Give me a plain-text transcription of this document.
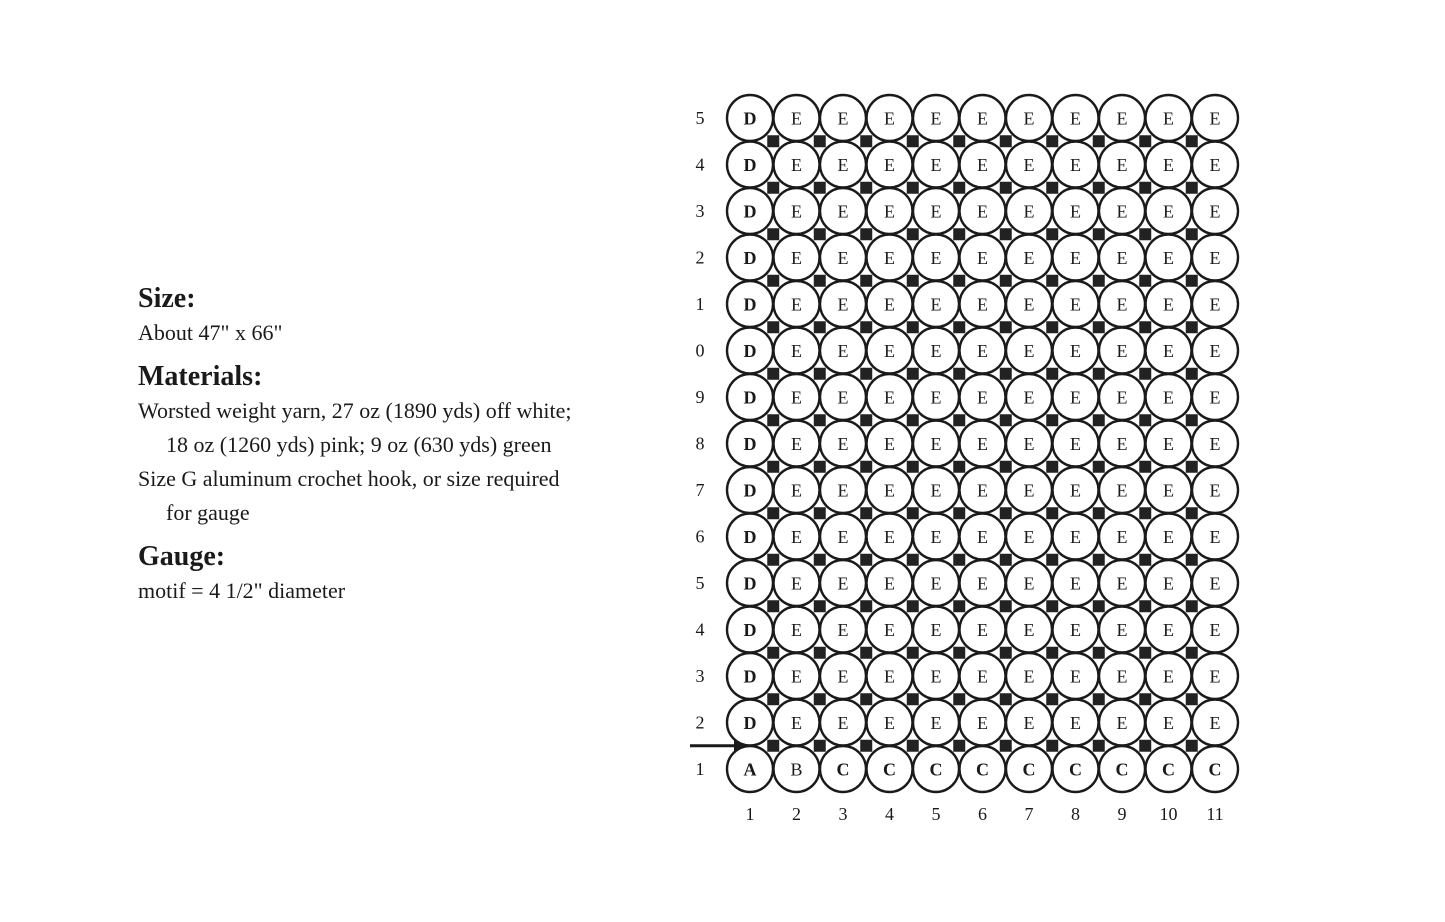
Size:

About 47" x 66"

Materials:

Worsted weight yarn, 27 oz (1890 yds) off white;

18 oz (1260 yds) pink; 9 oz (630 yds) green

Size G aluminum crochet hook, or size required

for gauge

Gauge:

motif = 4 1/2" diameter

D E E E E E E E E E E
D E E E E E E E E E E
D E E E E E E E E E E
D E E E E E E E E E E
D E E E E E E E E E E
D E E E E E E E E E E
D E E E E E E E E E E
D E E E E E E E E E E
D E E E E E E E E E E
D E E E E E E E E E E
D E E E E E E E E E E
D E E E E E E E E E E
D E E E E E E E E E E
D E E E E E E E E E E
A B C C C C C C C C C
5
4
3
2
1
0
9
8
7
6
5
4
3
2
1
1 2 3 4 5 6 7 8 9 10 11
